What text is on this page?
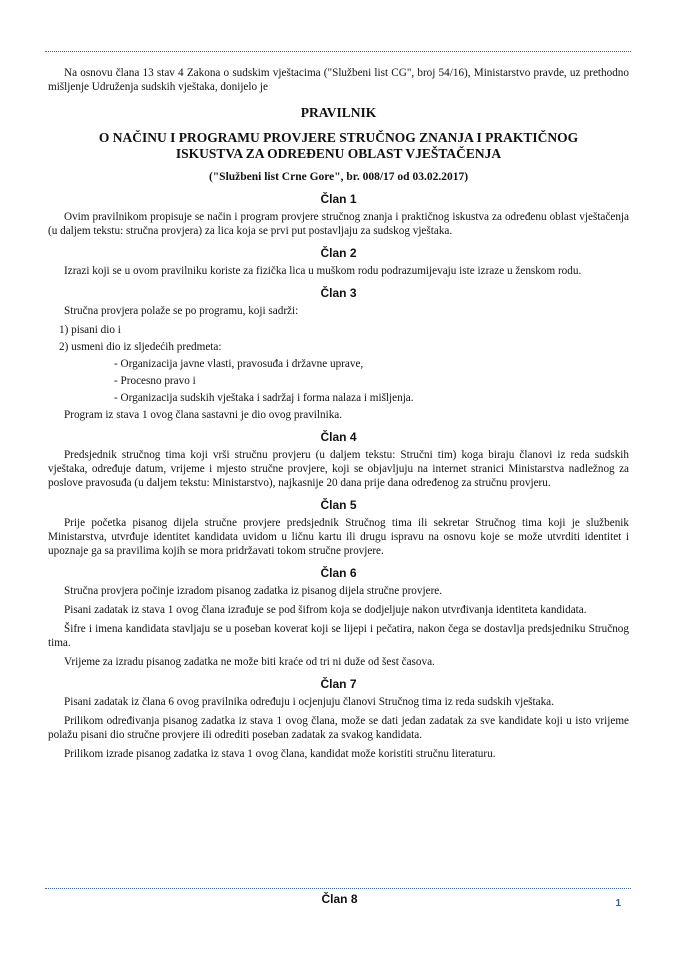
Na osnovu člana 13 stav 4 Zakona o sudskim vještacima ("Službeni list CG", broj 54/16), Ministarstvo pravde, uz prethodno mišljenje Udruženja sudskih vještaka, donijelo je

PRAVILNIK
O NAČINU I PROGRAMU PROVJERE STRUČNOG ZNANJA I PRAKTIČNOG
ISKUSTVA ZA ODREĐENU OBLAST VJEŠTAČENJA
("Službeni list Crne Gore", br. 008/17 od 03.02.2017)
Član 1

Ovim pravilnikom propisuje se način i program provjere stručnog znanja i praktičnog iskustva za određenu oblast vještačenja (u daljem tekstu: stručna provjera) za lica koja se prvi put postavljaju za sudskog vještaka.

Član 2

Izrazi koji se u ovom pravilniku koriste za fizička lica u muškom rodu podrazumijevaju iste izraze u ženskom rodu.

Član 3

Stručna provjera polaže se po programu, koji sadrži:

1) pisani dio i
2) usmeni dio iz sljedećih predmeta:
- Organizacija javne vlasti, pravosuđa i državne uprave,
- Procesno pravo i
- Organizacija sudskih vještaka i sadržaj i forma nalaza i mišljenja.

Program iz stava 1 ovog člana sastavni je dio ovog pravilnika.

Član 4

Predsjednik stručnog tima koji vrši stručnu provjeru (u daljem tekstu: Stručni tim) koga biraju članovi iz reda sudskih vještaka, određuje datum, vrijeme i mjesto stručne provjere, koji se objavljuju na internet stranici Ministarstva nadležnog za poslove pravosuđa (u daljem tekstu: Ministarstvo), najkasnije 20 dana prije dana određenog za stručnu provjeru.

Član 5

Prije početka pisanog dijela stručne provjere predsjednik Stručnog tima ili sekretar Stručnog tima koji je službenik Ministarstva, utvrđuje identitet kandidata uvidom u ličnu kartu ili drugu ispravu na osnovu koje se može utvrditi identitet i upoznaje ga sa pravilima kojih se mora pridržavati tokom stručne provjere.

Član 6

Stručna provjera počinje izradom pisanog zadatka iz pisanog dijela stručne provjere.

Pisani zadatak iz stava 1 ovog člana izrađuje se pod šifrom koja se dodjeljuje nakon utvrđivanja identiteta kandidata.

Šifre i imena kandidata stavljaju se u poseban koverat koji se lijepi i pečatira, nakon čega se dostavlja predsjedniku Stručnog tima.

Vrijeme za izradu pisanog zadatka ne može biti kraće od tri ni duže od šest časova.

Član 7

Pisani zadatak iz člana 6 ovog pravilnika određuju i ocjenjuju članovi Stručnog tima iz reda sudskih vještaka.

Prilikom određivanja pisanog zadatka iz stava 1 ovog člana, može se dati jedan zadatak za sve kandidate koji u isto vrijeme polažu pisani dio stručne provjere ili odrediti poseban zadatak za svakog kandidata.

Prilikom izrade pisanog zadatka iz stava 1 ovog člana, kandidat može koristiti stručnu literaturu.

Član 8	1
